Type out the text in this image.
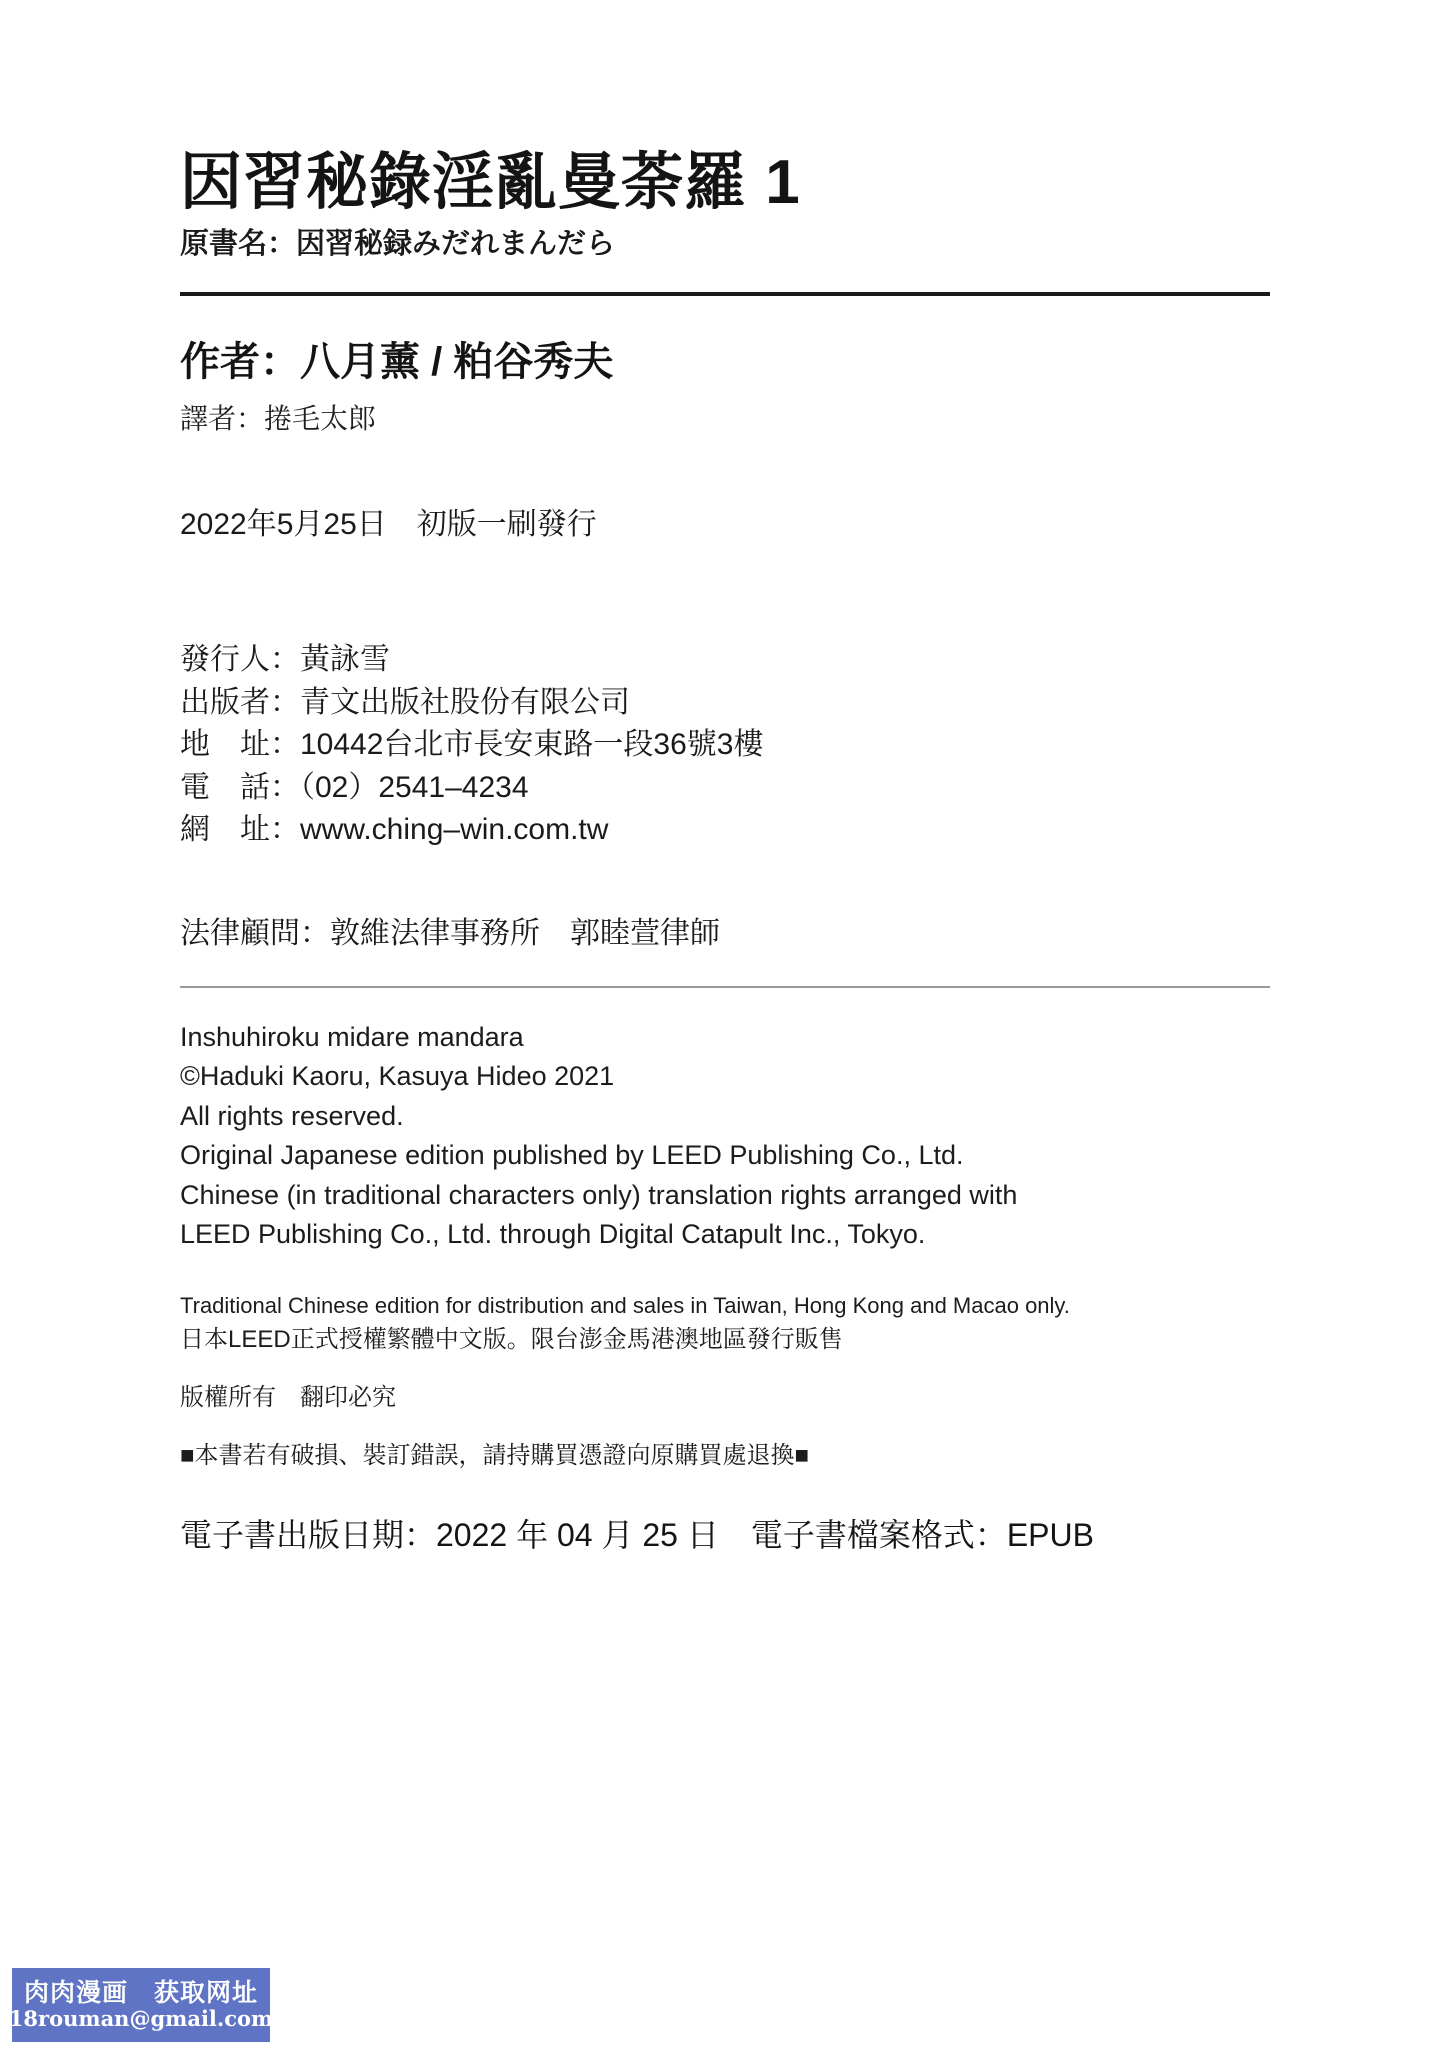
因習秘錄淫亂曼荼羅 1
原書名：因習秘録みだれまんだら
作者：八月薰 / 粕谷秀夫
譯者：捲毛太郎
2022年5月25日　初版一刷發行
發行人：黃詠雪
出版者：青文出版社股份有限公司
地　址：10442台北市長安東路一段36號3樓
電　話：（02）2541–4234
網　址：www.ching–win.com.tw
法律顧問：敦維法律事務所　郭睦萱律師
Inshuhiroku midare mandara
©Haduki Kaoru, Kasuya Hideo 2021
All rights reserved.
Original Japanese edition published by LEED Publishing Co., Ltd.
Chinese (in traditional characters only) translation rights arranged with
LEED Publishing Co., Ltd. through Digital Catapult Inc., Tokyo.
Traditional Chinese edition for distribution and sales in Taiwan, Hong Kong and Macao only.
日本LEED正式授權繁體中文版。限台澎金馬港澳地區發行販售
版權所有　翻印必究
■本書若有破損、裝訂錯誤，請持購買憑證向原購買處退換■
電子書出版日期：2022 年 04 月 25 日　電子書檔案格式：EPUB
肉肉漫画　获取网址
18rouman@gmail.com
